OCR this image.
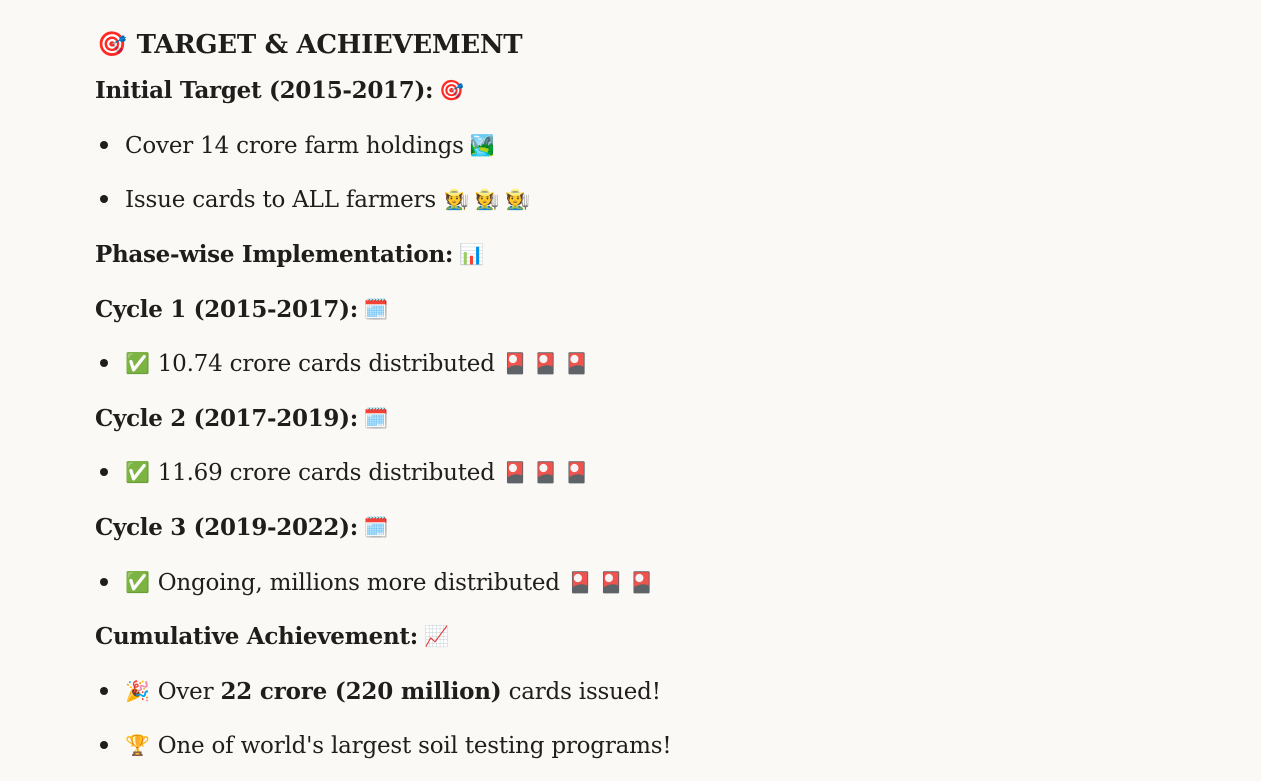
🎯 TARGET & ACHIEVEMENT
Initial Target (2015-2017): 🎯
Cover 14 crore farm holdings 🏞️
Issue cards to ALL farmers 🧑‍🌾 🧑‍🌾 🧑‍🌾
Phase-wise Implementation: 📊
Cycle 1 (2015-2017): 🗓️
✅ 10.74 crore cards distributed 🎴 🎴 🎴
Cycle 2 (2017-2019): 🗓️
✅ 11.69 crore cards distributed 🎴 🎴 🎴
Cycle 3 (2019-2022): 🗓️
✅ Ongoing, millions more distributed 🎴 🎴 🎴
Cumulative Achievement: 📈
🎉 Over 22 crore (220 million) cards issued!
🏆 One of world's largest soil testing programs!
